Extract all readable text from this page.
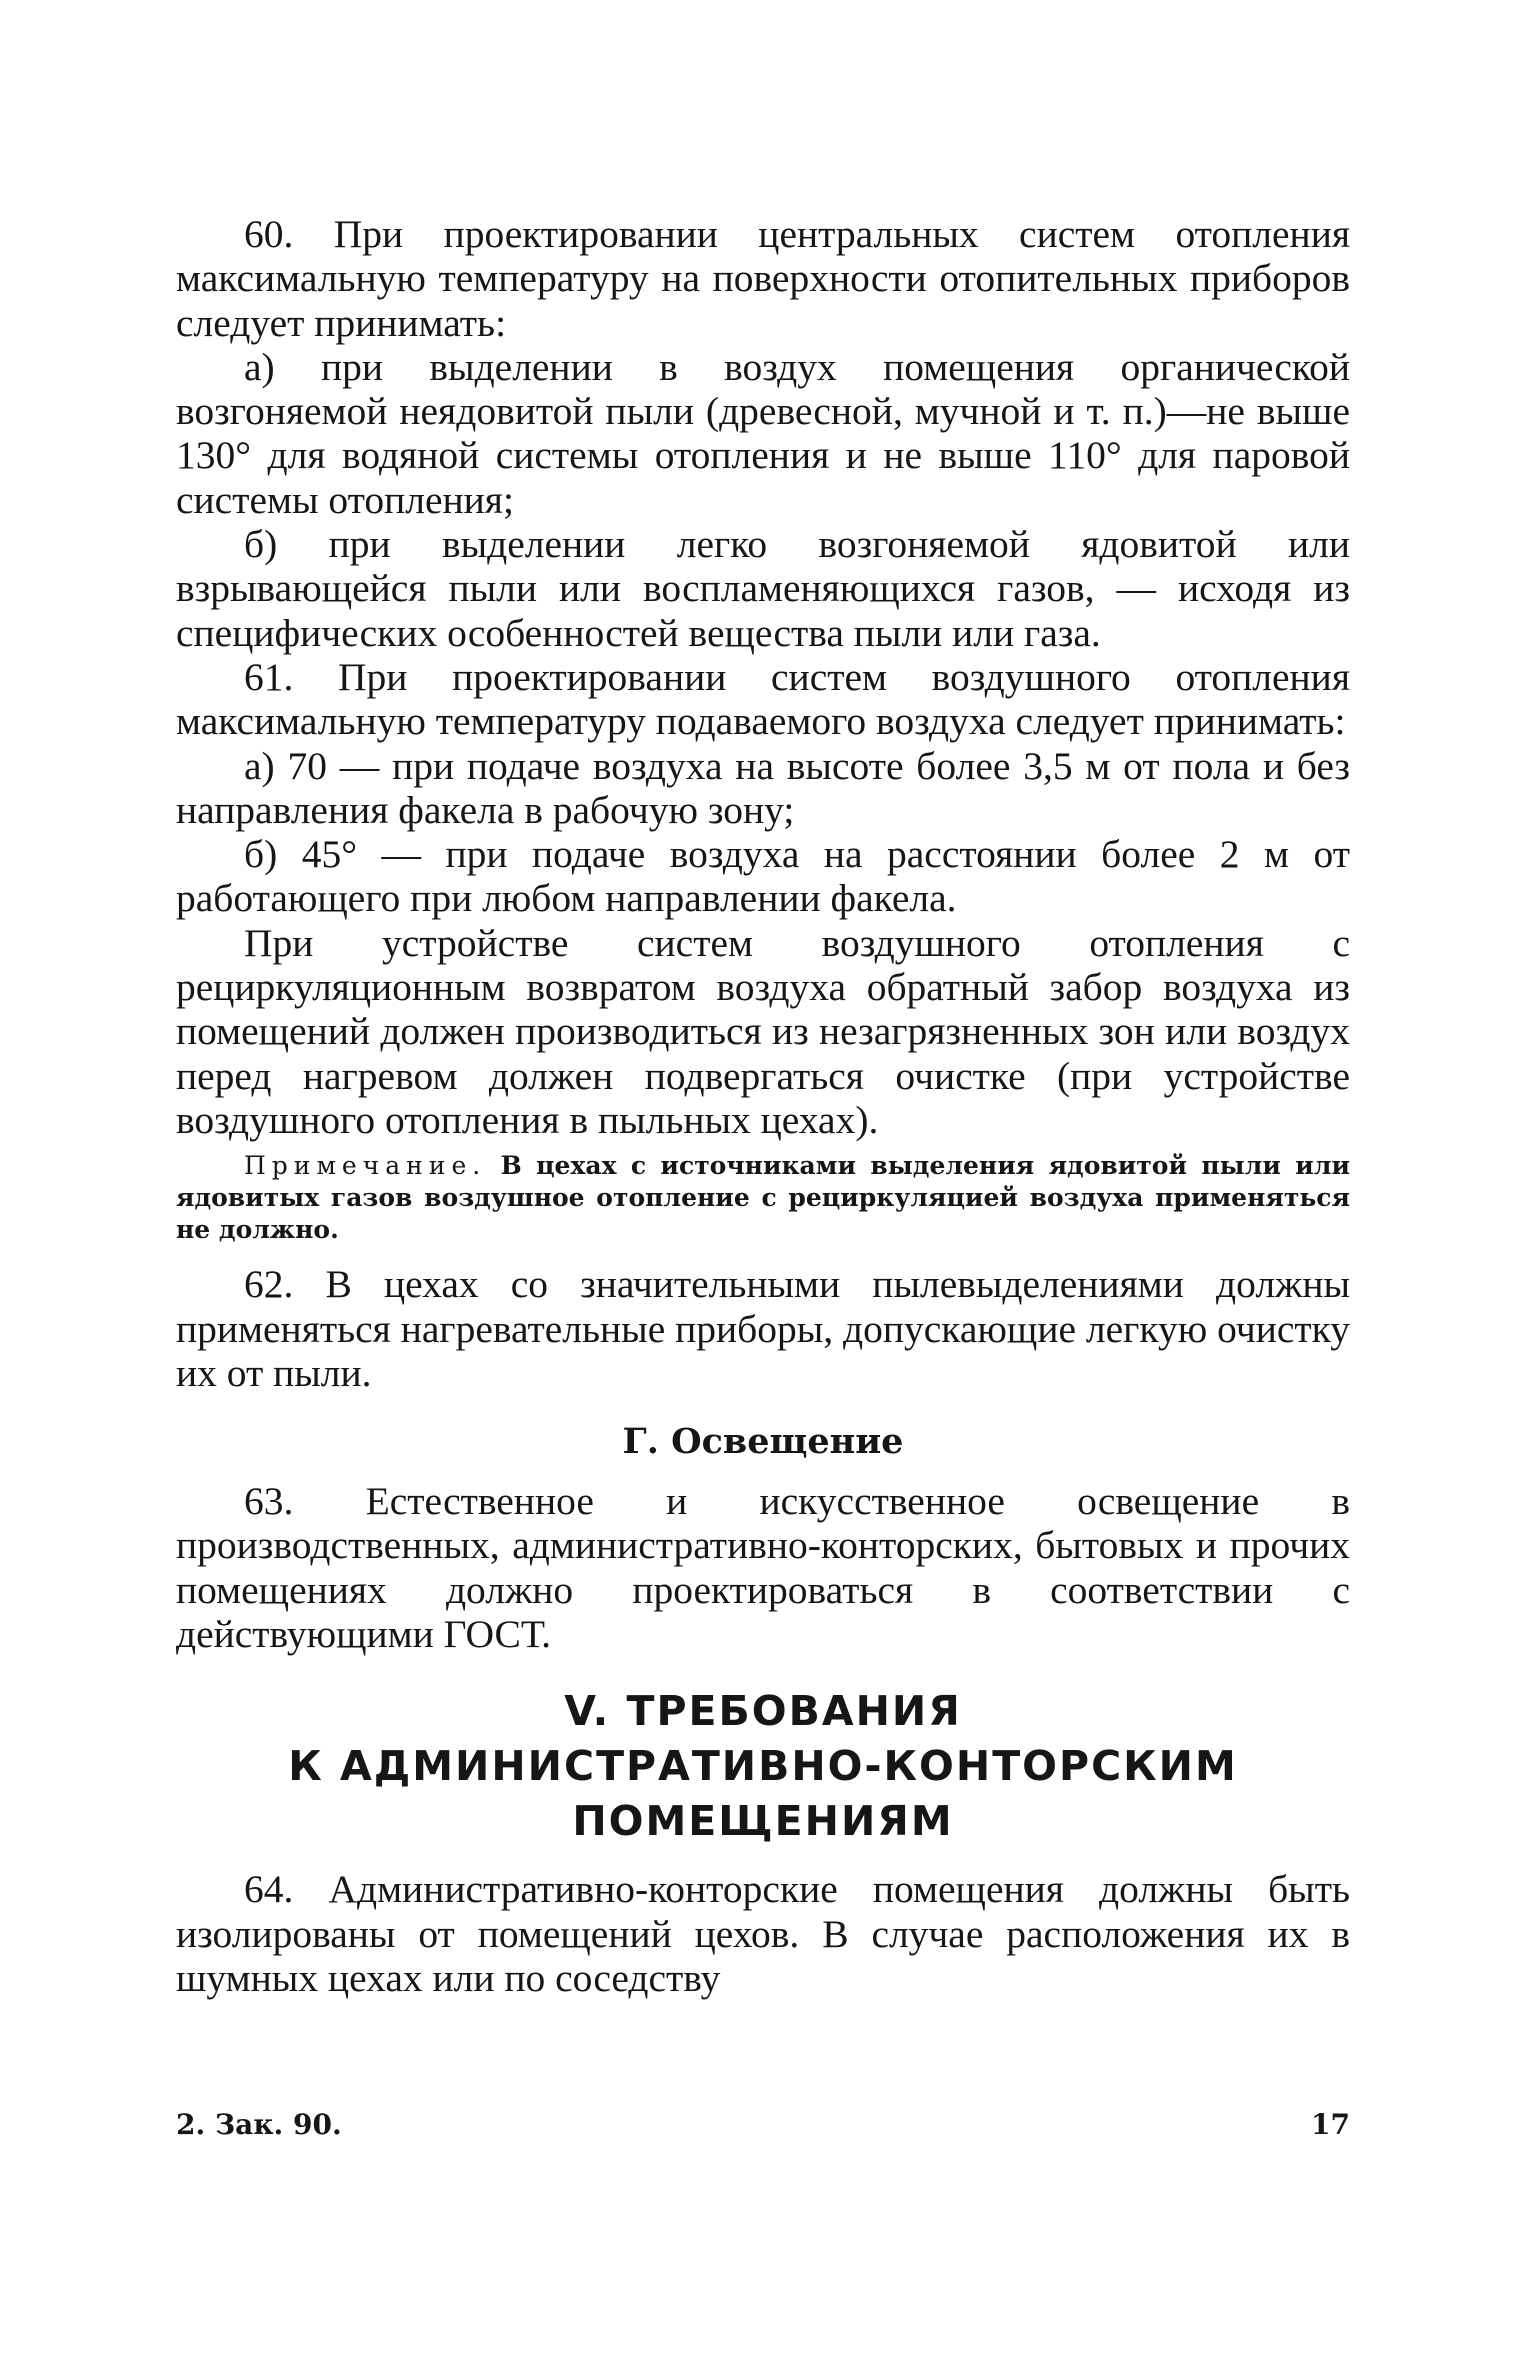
60. При проектировании центральных систем отопления максимальную температуру на поверхности отопительных приборов следует принимать:

а) при выделении в воздух помещения органической возгоняемой неядовитой пыли (древесной, мучной и т. п.)—не выше 130° для водяной системы отопления и не выше 110° для паровой системы отопления;

б) при выделении легко возгоняемой ядовитой или взрывающейся пыли или воспламеняющихся газов, — исходя из специфических особенностей вещества пыли или газа.

61. При проектировании систем воздушного отопления максимальную температуру подаваемого воздуха следует принимать:

а) 70 — при подаче воздуха на высоте более 3,5 м от пола и без направления факела в рабочую зону;

б) 45° — при подаче воздуха на расстоянии более 2 м от работающего при любом направлении факела.

При устройстве систем воздушного отопления с рециркуляционным возвратом воздуха обратный забор воздуха из помещений должен производиться из незагрязненных зон или воздух перед нагревом должен подвергаться очистке (при устройстве воздушного отопления в пыльных цехах).

Примечание. В цехах с источниками выделения ядовитой пыли или ядовитых газов воздушное отопление с рециркуляцией воздуха применяться не должно.

62. В цехах со значительными пылевыделениями должны применяться нагревательные приборы, допускающие легкую очистку их от пыли.

Г. Освещение

63. Естественное и искусственное освещение в производственных, административно-конторских, бытовых и прочих помещениях должно проектироваться в соответствии с действующими ГОСТ.

V. ТРЕБОВАНИЯ
К АДМИНИСТРАТИВНО-КОНТОРСКИМ
ПОМЕЩЕНИЯМ

64. Административно-конторские помещения должны быть изолированы от помещений цехов. В случае расположения их в шумных цехах или по соседству

2. Зак. 90.	17
